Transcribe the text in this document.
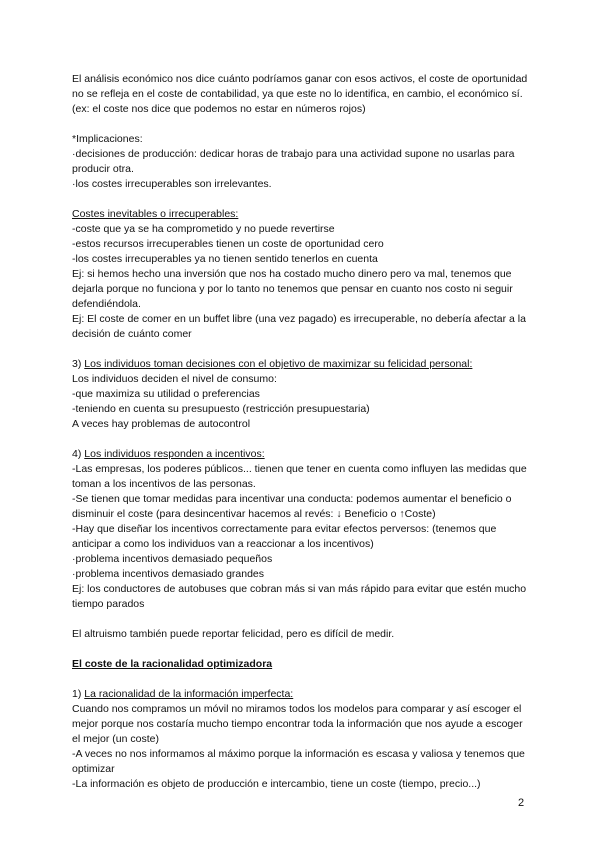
El análisis económico nos dice cuánto podríamos ganar con esos activos, el coste de oportunidad no se refleja en el coste de contabilidad, ya que este no lo identifica, en cambio, el económico sí. (ex: el coste nos dice que podemos no estar en números rojos)

*Implicaciones:
·decisiones de producción: dedicar horas de trabajo para una actividad supone no usarlas para producir otra.
·los costes irrecuperables son irrelevantes.
Costes inevitables o irrecuperables:
-coste que ya se ha comprometido y no puede revertirse
-estos recursos irrecuperables tienen un coste de oportunidad cero
-los costes irrecuperables ya no tienen sentido tenerlos en cuenta
Ej: si hemos hecho una inversión que nos ha costado mucho dinero pero va mal, tenemos que dejarla porque no funciona y por lo tanto no tenemos que pensar en cuanto nos costo ni seguir defendiéndola.
Ej: El coste de comer en un buffet libre (una vez pagado) es irrecuperable, no debería afectar a la decisión de cuánto comer
3) Los individuos toman decisiones con el objetivo de maximizar su felicidad personal:
Los individuos deciden el nivel de consumo:
-que maximiza su utilidad o preferencias
-teniendo en cuenta su presupuesto (restricción presupuestaria)
A veces hay problemas de autocontrol
4) Los individuos responden a incentivos:
-Las empresas, los poderes públicos... tienen que tener en cuenta como influyen las medidas que toman a los incentivos de las personas.
-Se tienen que tomar medidas para incentivar una conducta: podemos aumentar el beneficio o disminuir el coste (para desincentivar hacemos al revés: ↓ Beneficio o ↑Coste)
-Hay que diseñar los incentivos correctamente para evitar efectos perversos: (tenemos que anticipar a como los individuos van a reaccionar a los incentivos)
·problema incentivos demasiado pequeños
·problema incentivos demasiado grandes
Ej: los conductores de autobuses que cobran más si van más rápido para evitar que estén mucho tiempo parados

El altruismo también puede reportar felicidad, pero es difícil de medir.

El coste de la racionalidad optimizadora

1) La racionalidad de la información imperfecta:
Cuando nos compramos un móvil no miramos todos los modelos para comparar y así escoger el mejor porque nos costaría mucho tiempo encontrar toda la información que nos ayude a escoger el mejor (un coste)
-A veces no nos informamos al máximo porque la información es escasa y valiosa y tenemos que optimizar
-La información es objeto de producción e intercambio, tiene un coste (tiempo, precio...)
2
